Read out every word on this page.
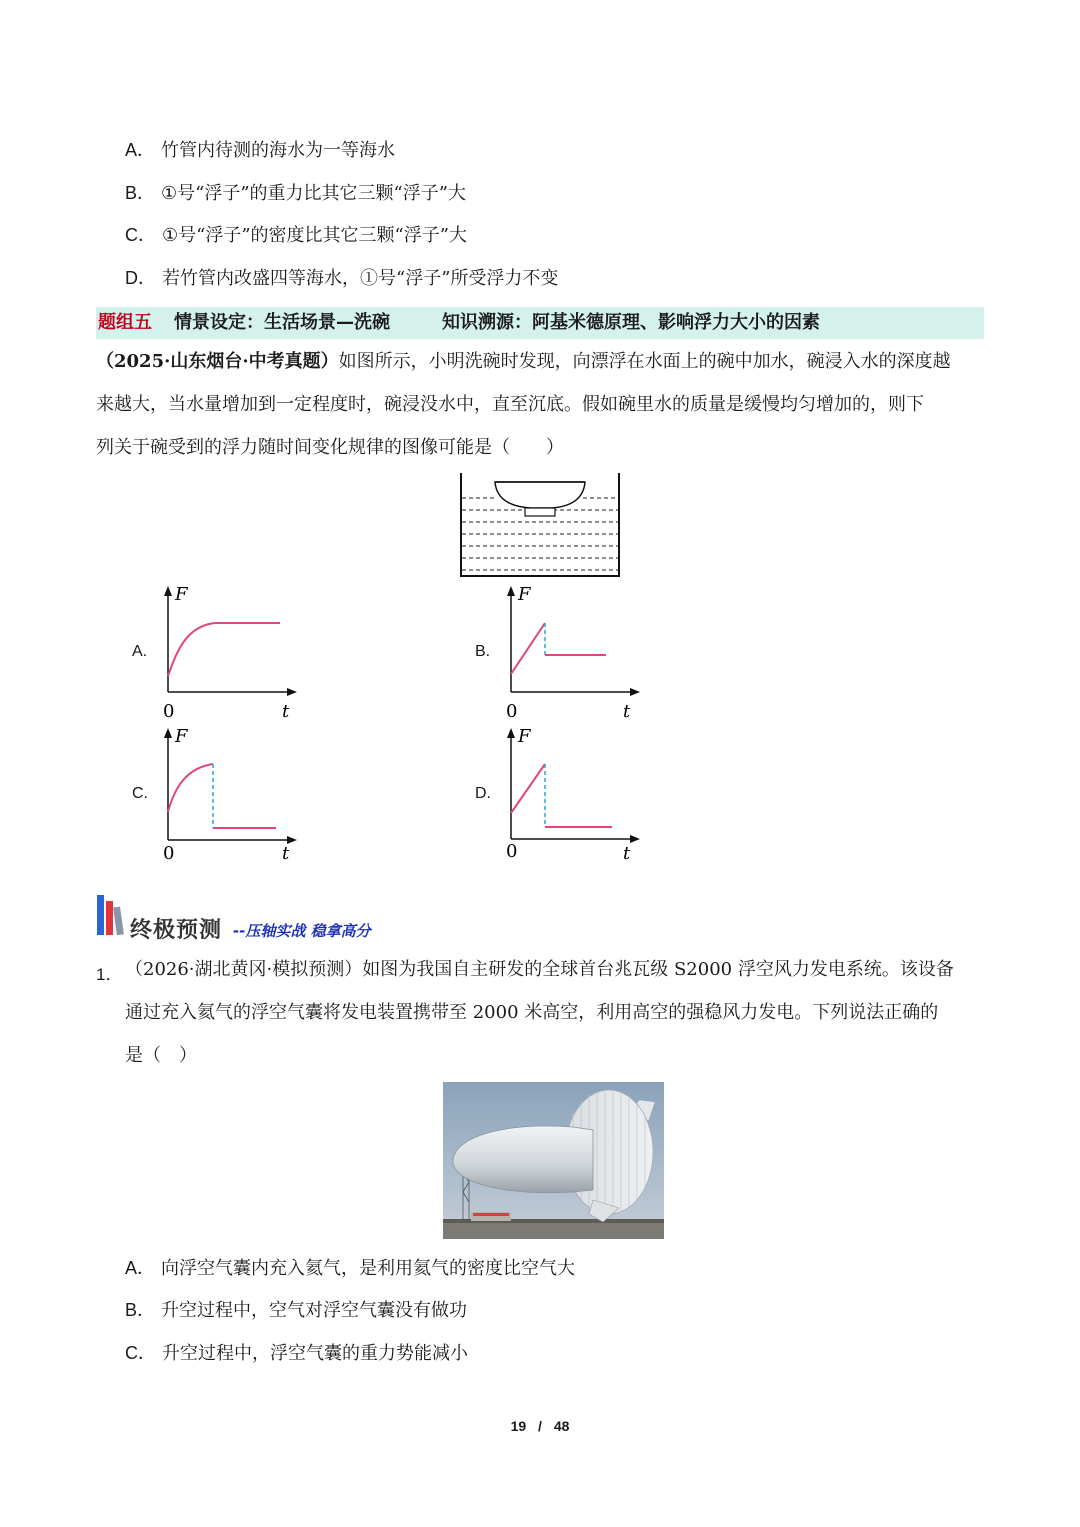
A． 竹管内待测的海水为一等海水
B． ①号“浮子”的重力比其它三颗“浮子”大
C． ①号“浮子”的密度比其它三颗“浮子”大
D． 若竹管内改盛四等海水，①号“浮子”所受浮力不变
题组五 情景设定：生活场景—洗碗	知识溯源：阿基米德原理、影响浮力大小的因素
（2025·山东烟台·中考真题）如图所示，小明洗碗时发现，向漂浮在水面上的碗中加水，碗浸入水的深度越
来越大，当水量增加到一定程度时，碗浸没水中，直至沉底。假如碗里水的质量是缓慢均匀增加的，则下
列关于碗受到的浮力随时间变化规律的图像可能是（　　）
A.
F
t
0
B.
F
t
0
C.
F
t
0
D.
F
t
0
终极预测 --压轴实战 稳拿高分
1． （2026·湖北黄冈·模拟预测）如图为我国自主研发的全球首台兆瓦级 S2000 浮空风力发电系统。该设备
通过充入氦气的浮空气囊将发电装置携带至 2000 米高空，利用高空的强稳风力发电。下列说法正确的
是（　）
A． 向浮空气囊内充入氦气，是利用氦气的密度比空气大
B． 升空过程中，空气对浮空气囊没有做功
C． 升空过程中，浮空气囊的重力势能减小
19 / 48
